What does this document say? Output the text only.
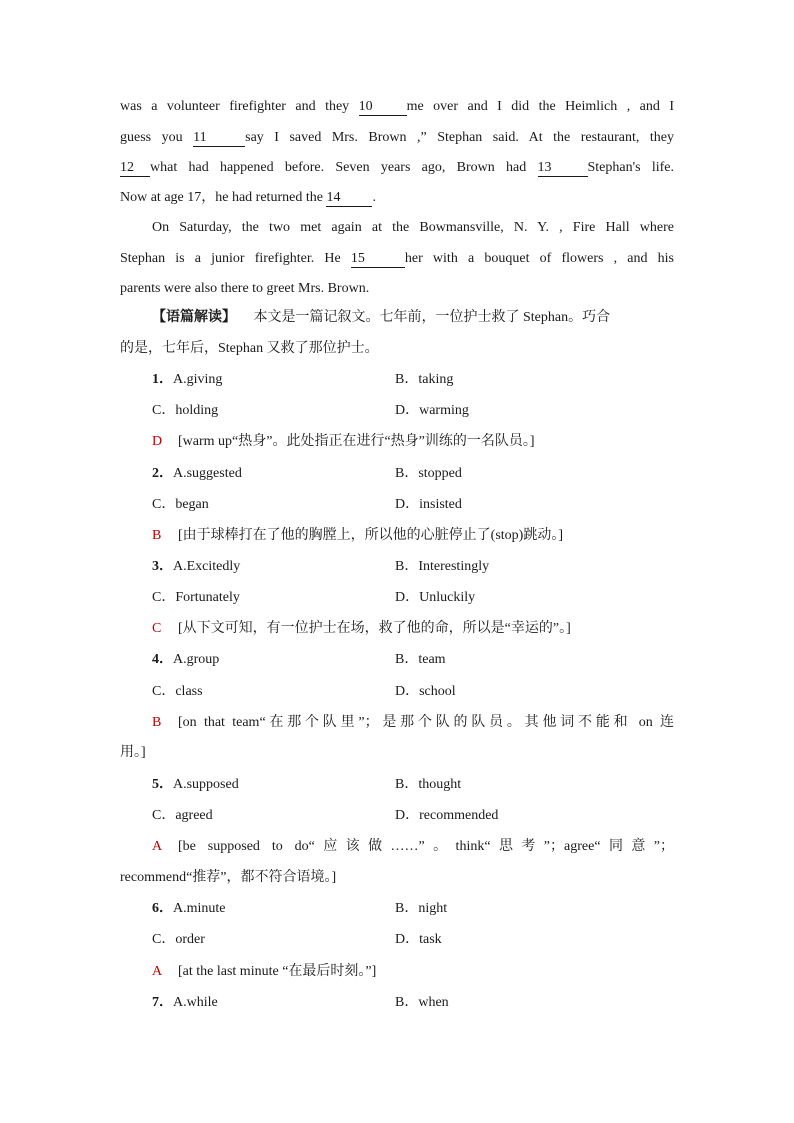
was a volunteer firefighter and they 10 me over and I did the Heimlich , and I
guess you 11	say I saved Mrs. Brown ,” Stephan said. At the restaurant, they
12 what had happened before. Seven years ago, Brown had 13	Stephan's life.
Now at age 17，he had returned the 14 .
On Saturday, the two met again at the Bowmansville, N. Y. , Fire Hall where
Stephan is a junior firefighter. He 15	her with a bouquet of flowers , and his
parents were also there to greet Mrs. Brown.
【语篇解读】 本文是一篇记叙文。七年前，一位护士救了 Stephan。巧合
的是，七年后，Stephan 又救了那位护士。
1．A.giving	B．taking
C．holding	D．warming
D [warm up“热身”。此处指正在进行“热身”训练的一名队员。]
2．A.suggested	B．stopped
C．began	D．insisted
B [由于球棒打在了他的胸膛上，所以他的心脏停止了(stop)跳动。]
3．A.Excitedly	B．Interestingly
C．Fortunately	D．Unluckily
C [从下文可知，有一位护士在场，救了他的命，所以是“幸运的”。]
4．A.group	B．team
C．class	D．school
B [on that team“在那个队里”；是那个队的队员。其他词不能和 on 连
用。]
5．A.supposed	B．thought
C．agreed	D．recommended
A [be supposed to do“应该做……”。think“思考”；agree“同意”；
recommend“推荐”，都不符合语境。]
6．A.minute	B．night
C．order	D．task
A [at the last minute “在最后时刻。”]
7．A.while	B．when
